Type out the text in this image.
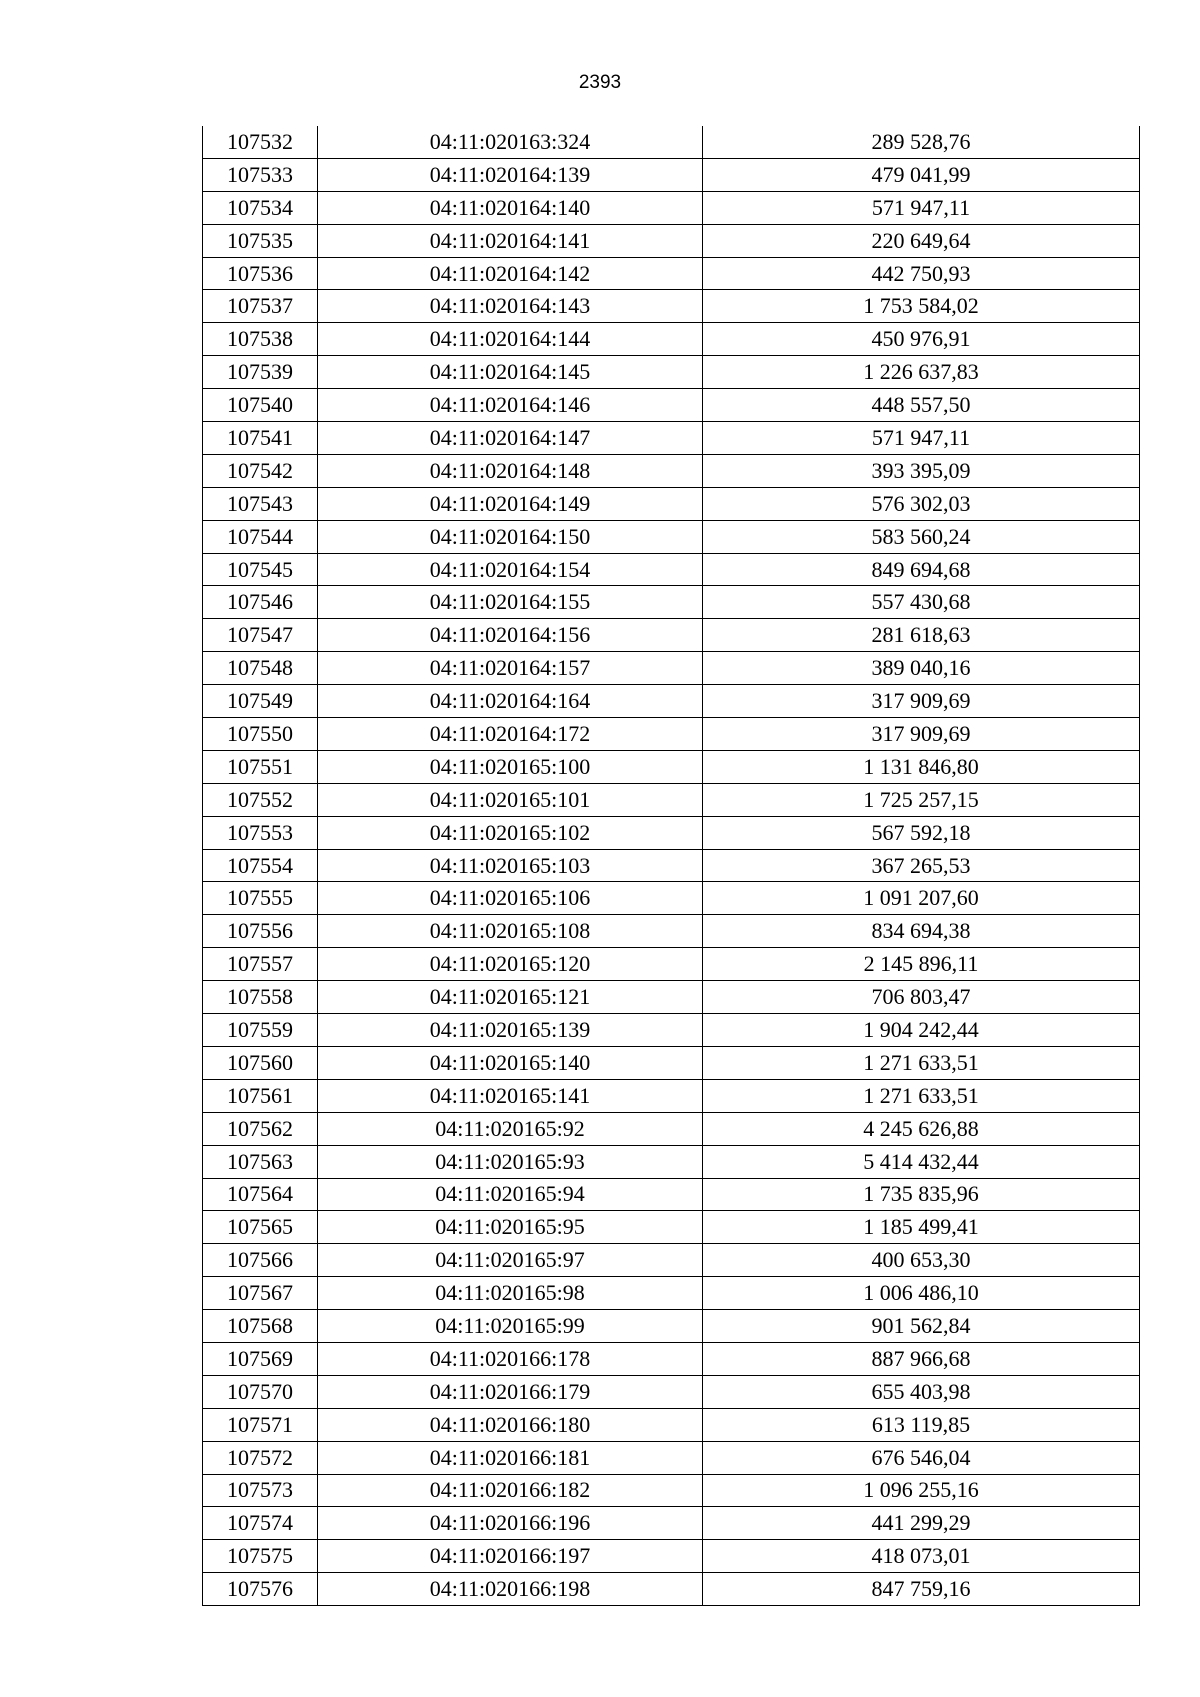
2393
107532	04:11:020163:324	289 528,76
107533	04:11:020164:139	479 041,99
107534	04:11:020164:140	571 947,11
107535	04:11:020164:141	220 649,64
107536	04:11:020164:142	442 750,93
107537	04:11:020164:143	1 753 584,02
107538	04:11:020164:144	450 976,91
107539	04:11:020164:145	1 226 637,83
107540	04:11:020164:146	448 557,50
107541	04:11:020164:147	571 947,11
107542	04:11:020164:148	393 395,09
107543	04:11:020164:149	576 302,03
107544	04:11:020164:150	583 560,24
107545	04:11:020164:154	849 694,68
107546	04:11:020164:155	557 430,68
107547	04:11:020164:156	281 618,63
107548	04:11:020164:157	389 040,16
107549	04:11:020164:164	317 909,69
107550	04:11:020164:172	317 909,69
107551	04:11:020165:100	1 131 846,80
107552	04:11:020165:101	1 725 257,15
107553	04:11:020165:102	567 592,18
107554	04:11:020165:103	367 265,53
107555	04:11:020165:106	1 091 207,60
107556	04:11:020165:108	834 694,38
107557	04:11:020165:120	2 145 896,11
107558	04:11:020165:121	706 803,47
107559	04:11:020165:139	1 904 242,44
107560	04:11:020165:140	1 271 633,51
107561	04:11:020165:141	1 271 633,51
107562	04:11:020165:92	4 245 626,88
107563	04:11:020165:93	5 414 432,44
107564	04:11:020165:94	1 735 835,96
107565	04:11:020165:95	1 185 499,41
107566	04:11:020165:97	400 653,30
107567	04:11:020165:98	1 006 486,10
107568	04:11:020165:99	901 562,84
107569	04:11:020166:178	887 966,68
107570	04:11:020166:179	655 403,98
107571	04:11:020166:180	613 119,85
107572	04:11:020166:181	676 546,04
107573	04:11:020166:182	1 096 255,16
107574	04:11:020166:196	441 299,29
107575	04:11:020166:197	418 073,01
107576	04:11:020166:198	847 759,16
